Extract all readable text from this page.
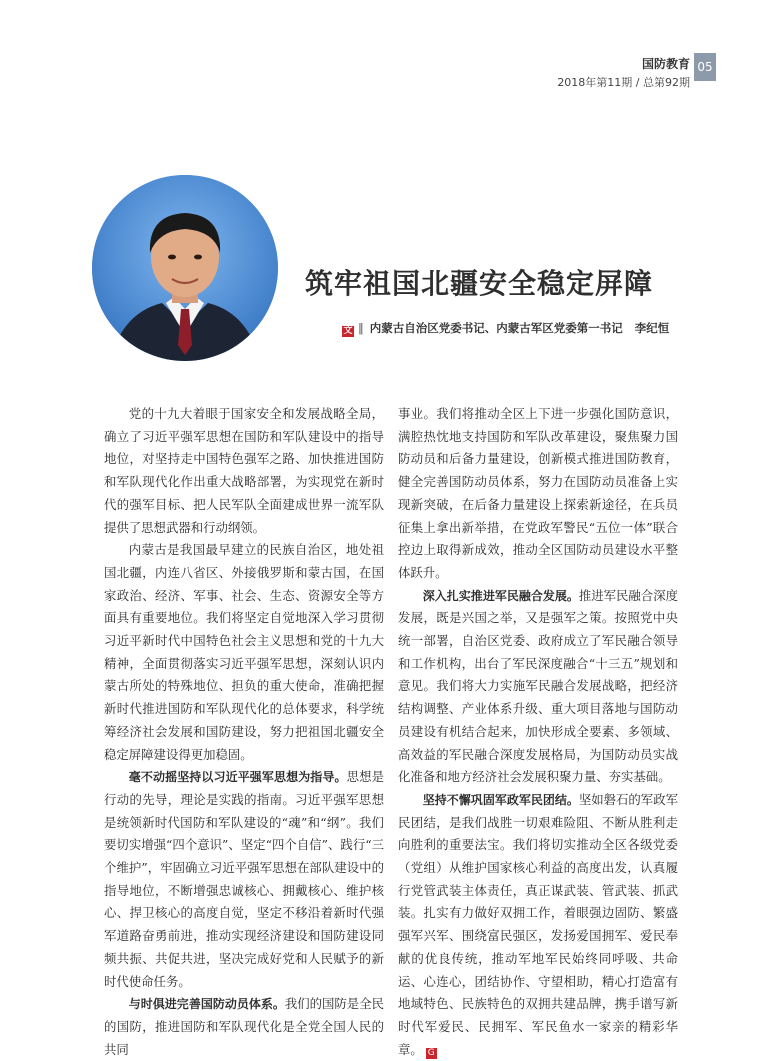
国防教育
2018年第11期 / 总第92期
05
筑牢祖国北疆安全稳定屏障
文 ‖ 内蒙古自治区党委书记、内蒙古军区党委第一书记 李纪恒

党的十九大着眼于国家安全和发展战略全局，确立了习近平强军思想在国防和军队建设中的指导地位，对坚持走中国特色强军之路、加快推进国防和军队现代化作出重大战略部署，为实现党在新时代的强军目标、把人民军队全面建成世界一流军队提供了思想武器和行动纲领。

内蒙古是我国最早建立的民族自治区，地处祖国北疆，内连八省区、外接俄罗斯和蒙古国，在国家政治、经济、军事、社会、生态、资源安全等方面具有重要地位。我们将坚定自觉地深入学习贯彻习近平新时代中国特色社会主义思想和党的十九大精神，全面贯彻落实习近平强军思想，深刻认识内蒙古所处的特殊地位、担负的重大使命，准确把握新时代推进国防和军队现代化的总体要求，科学统筹经济社会发展和国防建设，努力把祖国北疆安全稳定屏障建设得更加稳固。

毫不动摇坚持以习近平强军思想为指导。思想是行动的先导，理论是实践的指南。习近平强军思想是统领新时代国防和军队建设的“魂”和“纲”。我们要切实增强“四个意识”、坚定“四个自信”、践行“三个维护”，牢固确立习近平强军思想在部队建设中的指导地位，不断增强忠诚核心、拥戴核心、维护核心、捍卫核心的高度自觉，坚定不移沿着新时代强军道路奋勇前进，推动实现经济建设和国防建设同频共振、共促共进，坚决完成好党和人民赋予的新时代使命任务。

与时俱进完善国防动员体系。我们的国防是全民的国防，推进国防和军队现代化是全党全国人民的共同

事业。我们将推动全区上下进一步强化国防意识，满腔热忱地支持国防和军队改革建设，聚焦聚力国防动员和后备力量建设，创新模式推进国防教育，健全完善国防动员体系，努力在国防动员准备上实现新突破，在后备力量建设上探索新途径，在兵员征集上拿出新举措，在党政军警民“五位一体”联合控边上取得新成效，推动全区国防动员建设水平整体跃升。

深入扎实推进军民融合发展。推进军民融合深度发展，既是兴国之举，又是强军之策。按照党中央统一部署，自治区党委、政府成立了军民融合领导和工作机构，出台了军民深度融合“十三五”规划和意见。我们将大力实施军民融合发展战略，把经济结构调整、产业体系升级、重大项目落地与国防动员建设有机结合起来，加快形成全要素、多领域、高效益的军民融合深度发展格局，为国防动员实战化准备和地方经济社会发展积聚力量、夯实基础。

坚持不懈巩固军政军民团结。坚如磐石的军政军民团结，是我们战胜一切艰难险阻、不断从胜利走向胜利的重要法宝。我们将切实推动全区各级党委（党组）从维护国家核心利益的高度出发，认真履行党管武装主体责任，真正谋武装、管武装、抓武装。扎实有力做好双拥工作，着眼强边固防、繁盛强军兴军、围绕富民强区，发扬爱国拥军、爱民奉献的优良传统，推动军地军民始终同呼吸、共命运、心连心，团结协作、守望相助，精心打造富有地域特色、民族特色的双拥共建品牌，携手谱写新时代军爱民、民拥军、军民鱼水一家亲的精彩华章。 G
